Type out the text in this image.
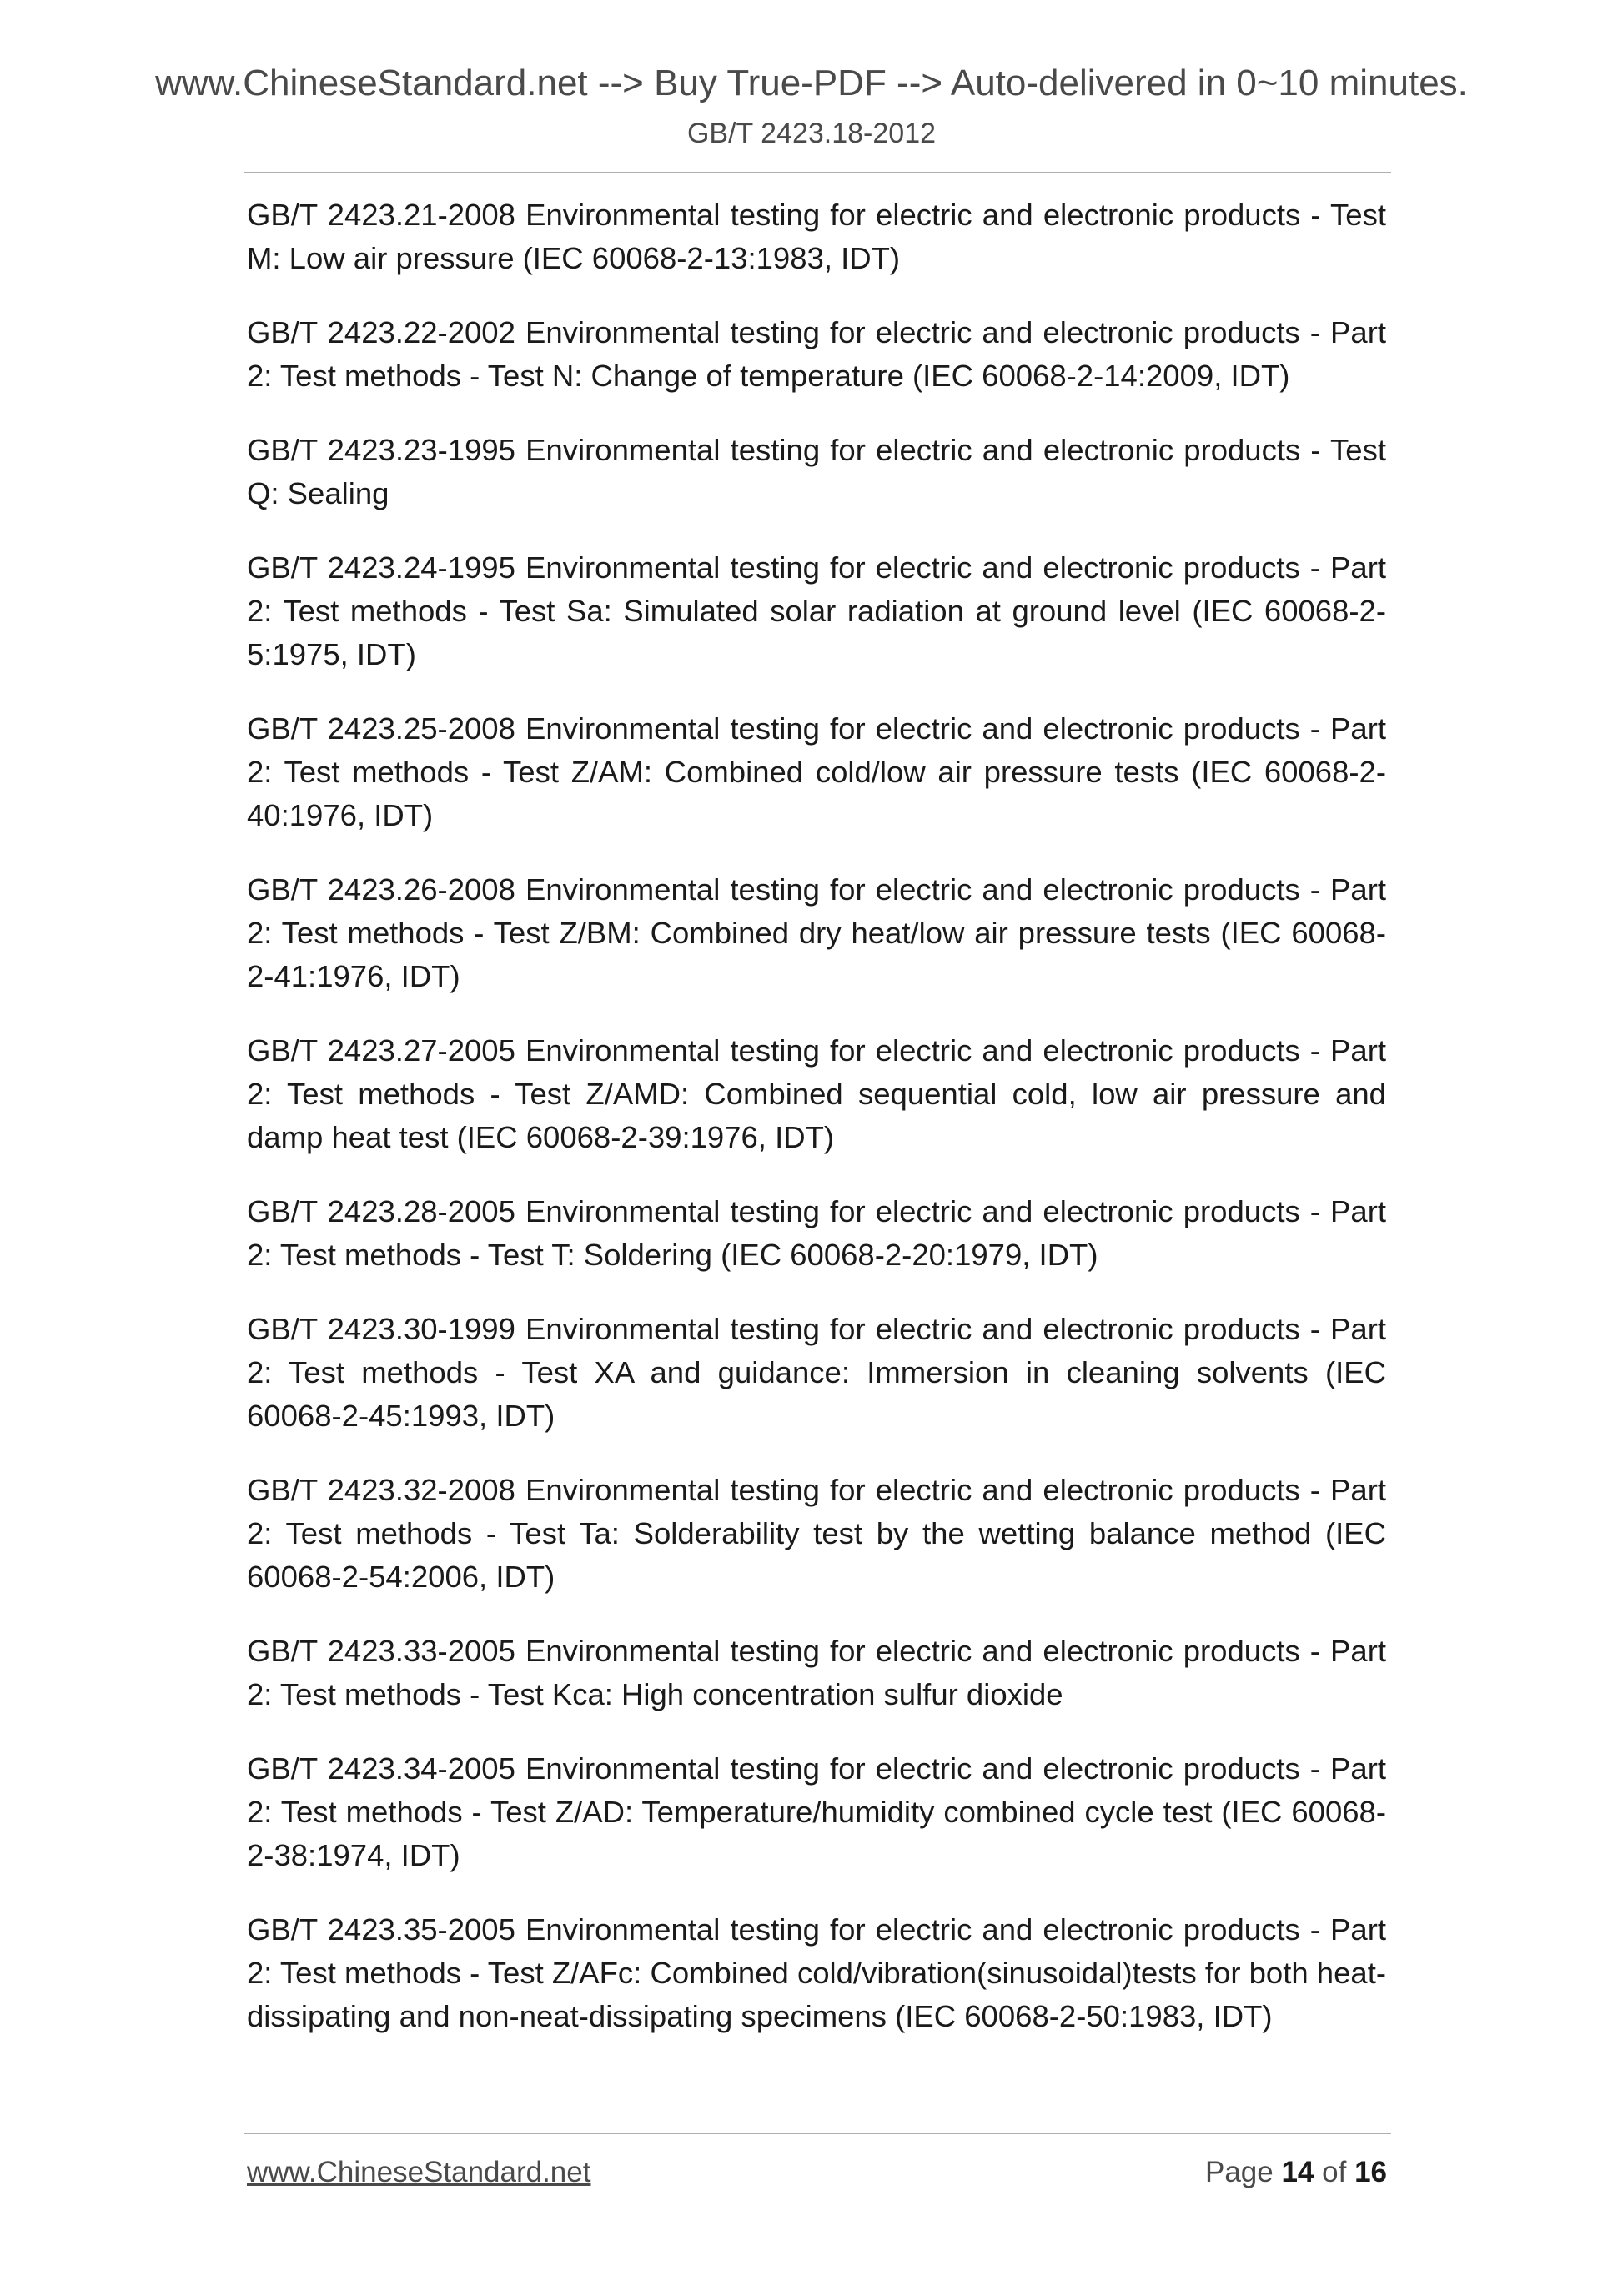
www.ChineseStandard.net --> Buy True-PDF --> Auto-delivered in 0~10 minutes.
GB/T 2423.18-2012
GB/T 2423.21-2008 Environmental testing for electric and electronic products - Test M: Low air pressure (IEC 60068-2-13:1983, IDT)
GB/T 2423.22-2002 Environmental testing for electric and electronic products - Part 2: Test methods - Test N: Change of temperature (IEC 60068-2-14:2009, IDT)
GB/T 2423.23-1995 Environmental testing for electric and electronic products - Test Q: Sealing
GB/T 2423.24-1995 Environmental testing for electric and electronic products - Part 2: Test methods - Test Sa: Simulated solar radiation at ground level (IEC 60068-2-5:1975, IDT)
GB/T 2423.25-2008 Environmental testing for electric and electronic products - Part 2: Test methods - Test Z/AM: Combined cold/low air pressure tests (IEC 60068-2-40:1976, IDT)
GB/T 2423.26-2008 Environmental testing for electric and electronic products - Part 2: Test methods - Test Z/BM: Combined dry heat/low air pressure tests (IEC 60068-2-41:1976, IDT)
GB/T 2423.27-2005 Environmental testing for electric and electronic products - Part 2: Test methods - Test Z/AMD: Combined sequential cold, low air pressure and damp heat test (IEC 60068-2-39:1976, IDT)
GB/T 2423.28-2005 Environmental testing for electric and electronic products - Part 2: Test methods - Test T: Soldering (IEC 60068-2-20:1979, IDT)
GB/T 2423.30-1999 Environmental testing for electric and electronic products - Part 2: Test methods - Test XA and guidance: Immersion in cleaning solvents (IEC 60068-2-45:1993, IDT)
GB/T 2423.32-2008 Environmental testing for electric and electronic products - Part 2: Test methods - Test Ta: Solderability test by the wetting balance method (IEC 60068-2-54:2006, IDT)
GB/T 2423.33-2005 Environmental testing for electric and electronic products - Part 2: Test methods - Test Kca: High concentration sulfur dioxide
GB/T 2423.34-2005 Environmental testing for electric and electronic products - Part 2: Test methods - Test Z/AD: Temperature/humidity combined cycle test (IEC 60068-2-38:1974, IDT)
GB/T 2423.35-2005 Environmental testing for electric and electronic products - Part 2: Test methods - Test Z/AFc: Combined cold/vibration(sinusoidal)tests for both heat-dissipating and non-neat-dissipating specimens (IEC 60068-2-50:1983, IDT)
www.ChineseStandard.net	Page 14 of 16
